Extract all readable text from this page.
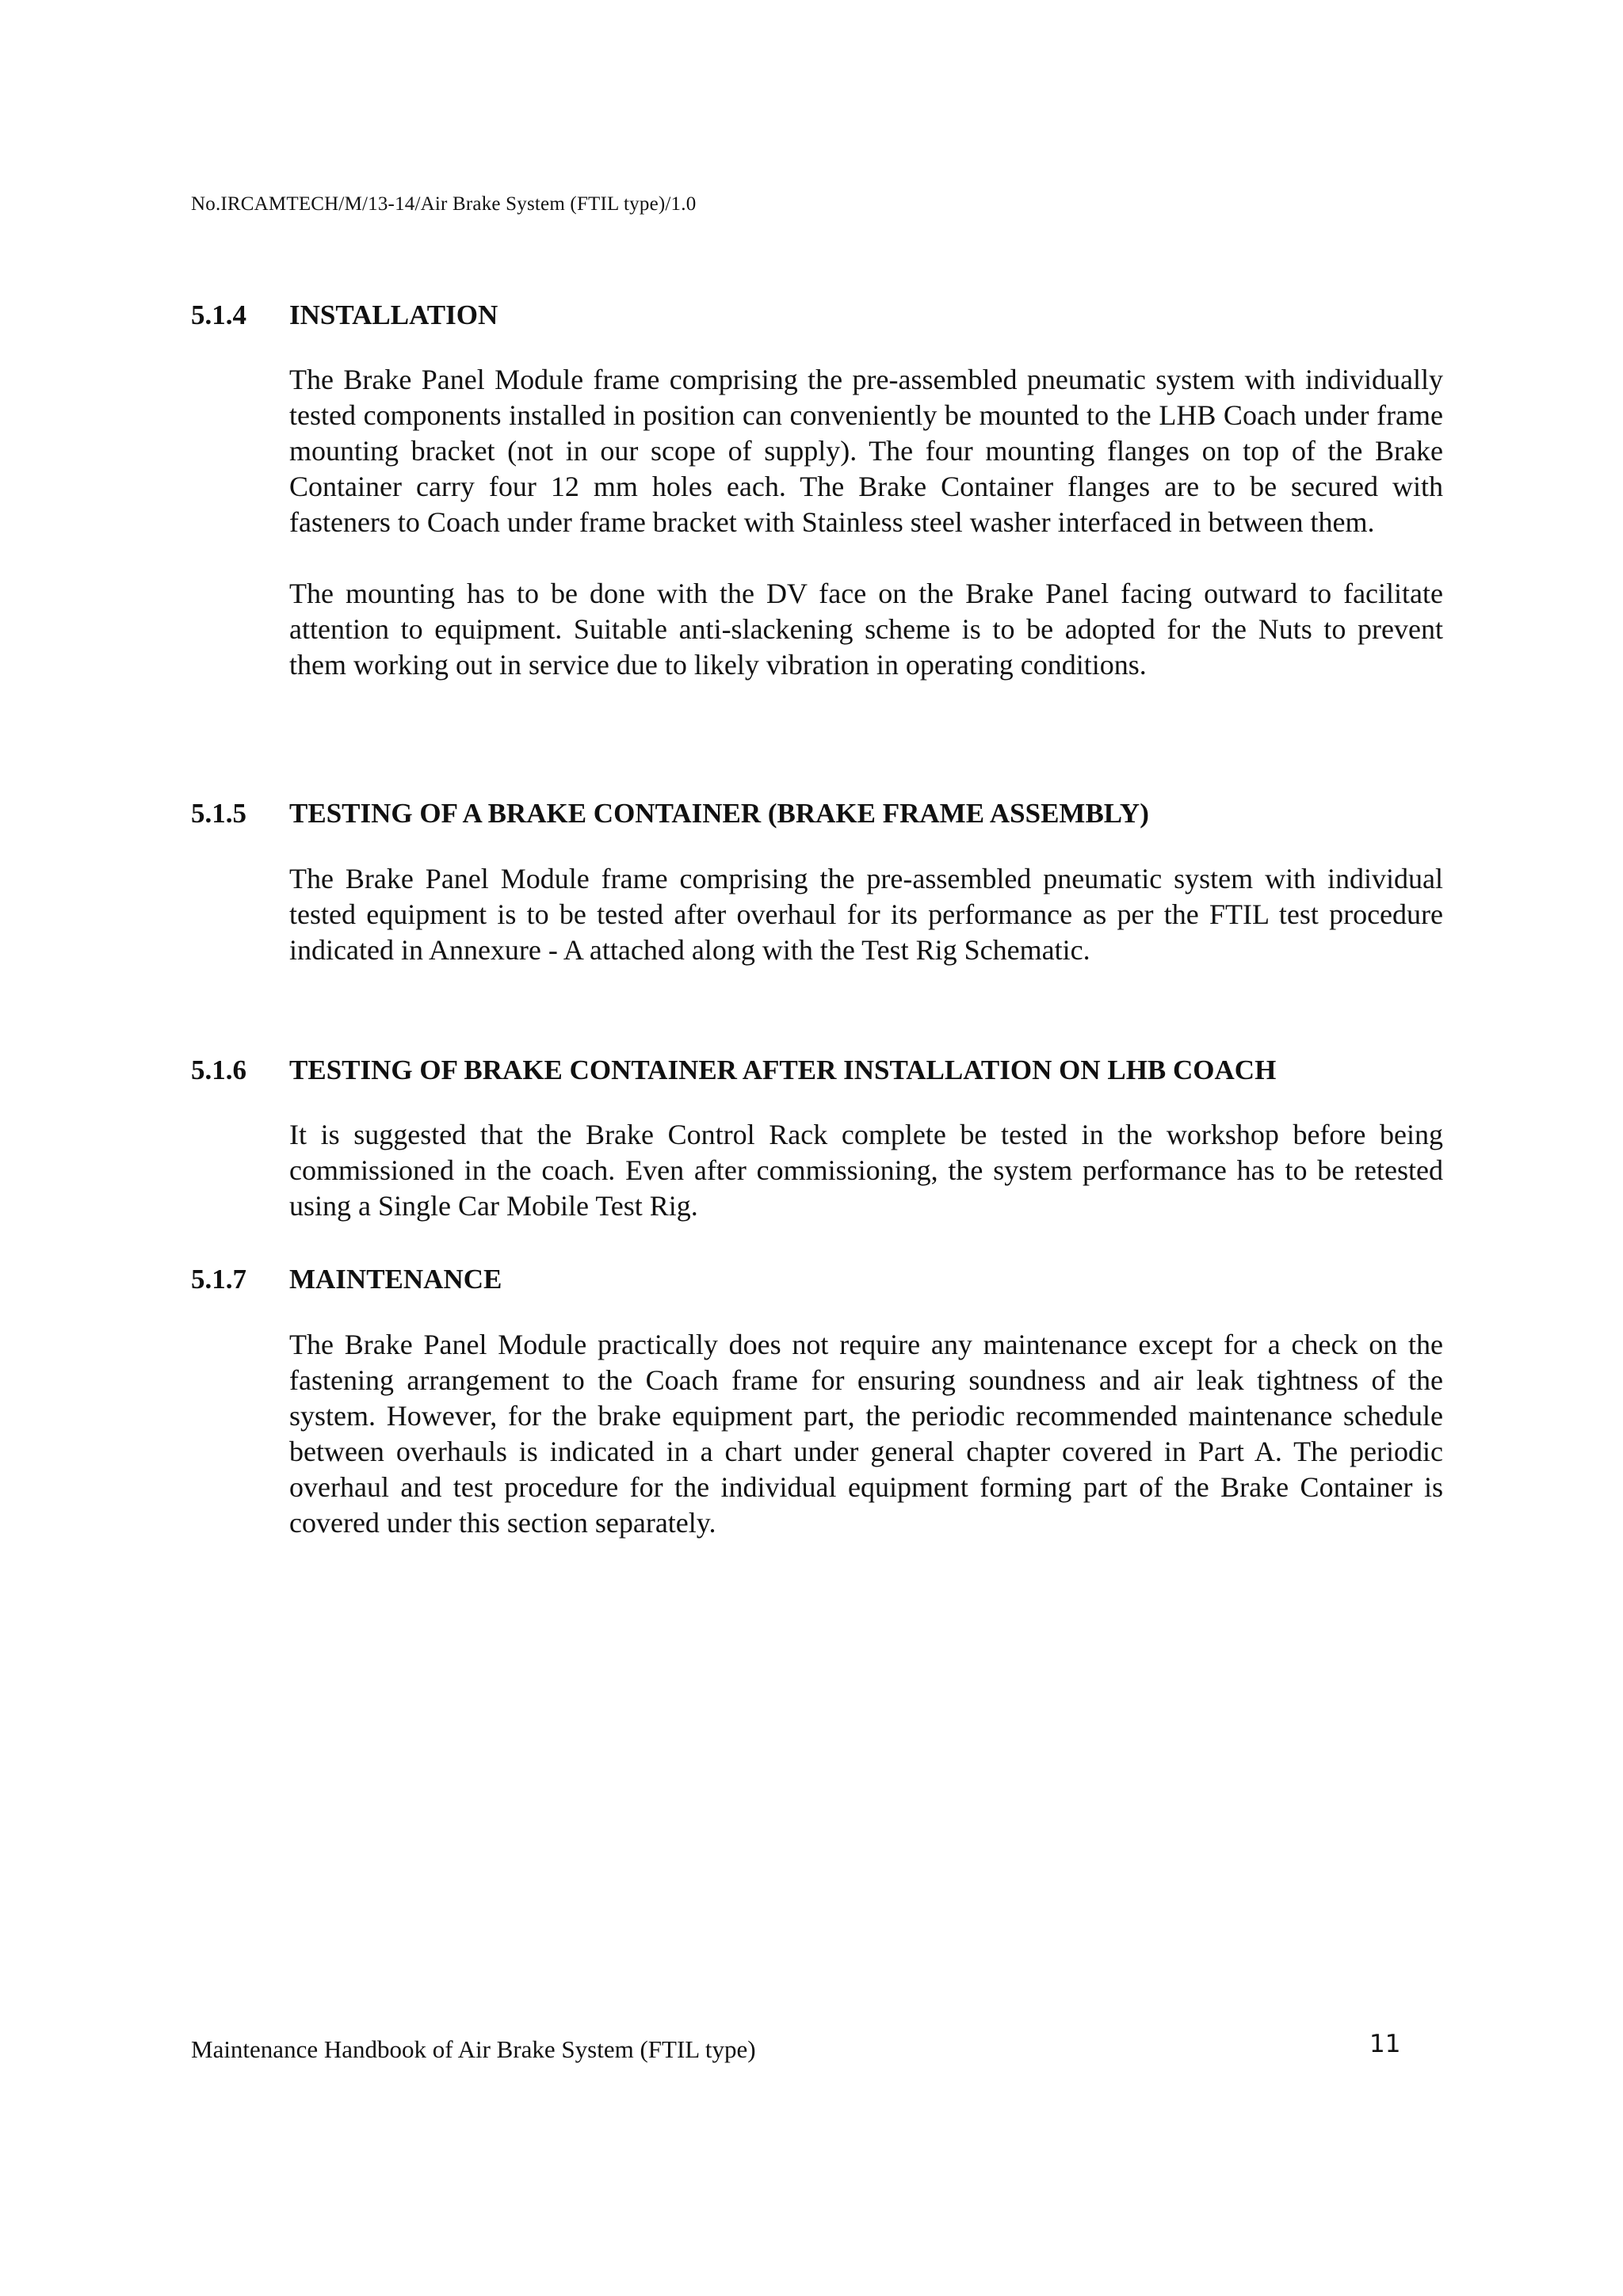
No.IRCAMTECH/M/13-14/Air Brake System (FTIL type)/1.0
5.1.4	INSTALLATION

The Brake Panel Module frame comprising the pre-assembled pneumatic system with individually tested components installed in position can conveniently be mounted to the LHB Coach under frame mounting bracket (not in our scope of supply). The four mounting flanges on top of the Brake Container carry four 12 mm holes each. The Brake Container flanges are to be secured with fasteners to Coach under frame bracket with Stainless steel washer interfaced in between them.

The mounting has to be done with the DV face on the Brake Panel facing outward to facilitate attention to equipment. Suitable anti-slackening scheme is to be adopted for the Nuts to prevent them working out in service due to likely vibration in operating conditions.

5.1.5	TESTING OF A BRAKE CONTAINER (BRAKE FRAME ASSEMBLY)

The Brake Panel Module frame comprising the pre-assembled pneumatic system with individual tested equipment is to be tested after overhaul for its performance as per the FTIL test procedure indicated in Annexure - A attached along with the Test Rig Schematic.

5.1.6	TESTING OF BRAKE CONTAINER AFTER INSTALLATION ON LHB COACH

It is suggested that the Brake Control Rack complete be tested in the workshop before being commissioned in the coach. Even after commissioning, the system performance has to be retested using a Single Car Mobile Test Rig.

5.1.7	MAINTENANCE

The Brake Panel Module practically does not require any maintenance except for a check on the fastening arrangement to the Coach frame for ensuring soundness and air leak tightness of the system. However, for the brake equipment part, the periodic recommended maintenance schedule between overhauls is indicated in a chart under general chapter covered in Part A. The periodic overhaul and test procedure for the individual equipment forming part of the Brake Container is covered under this section separately.

Maintenance Handbook of Air Brake System (FTIL type)	11
